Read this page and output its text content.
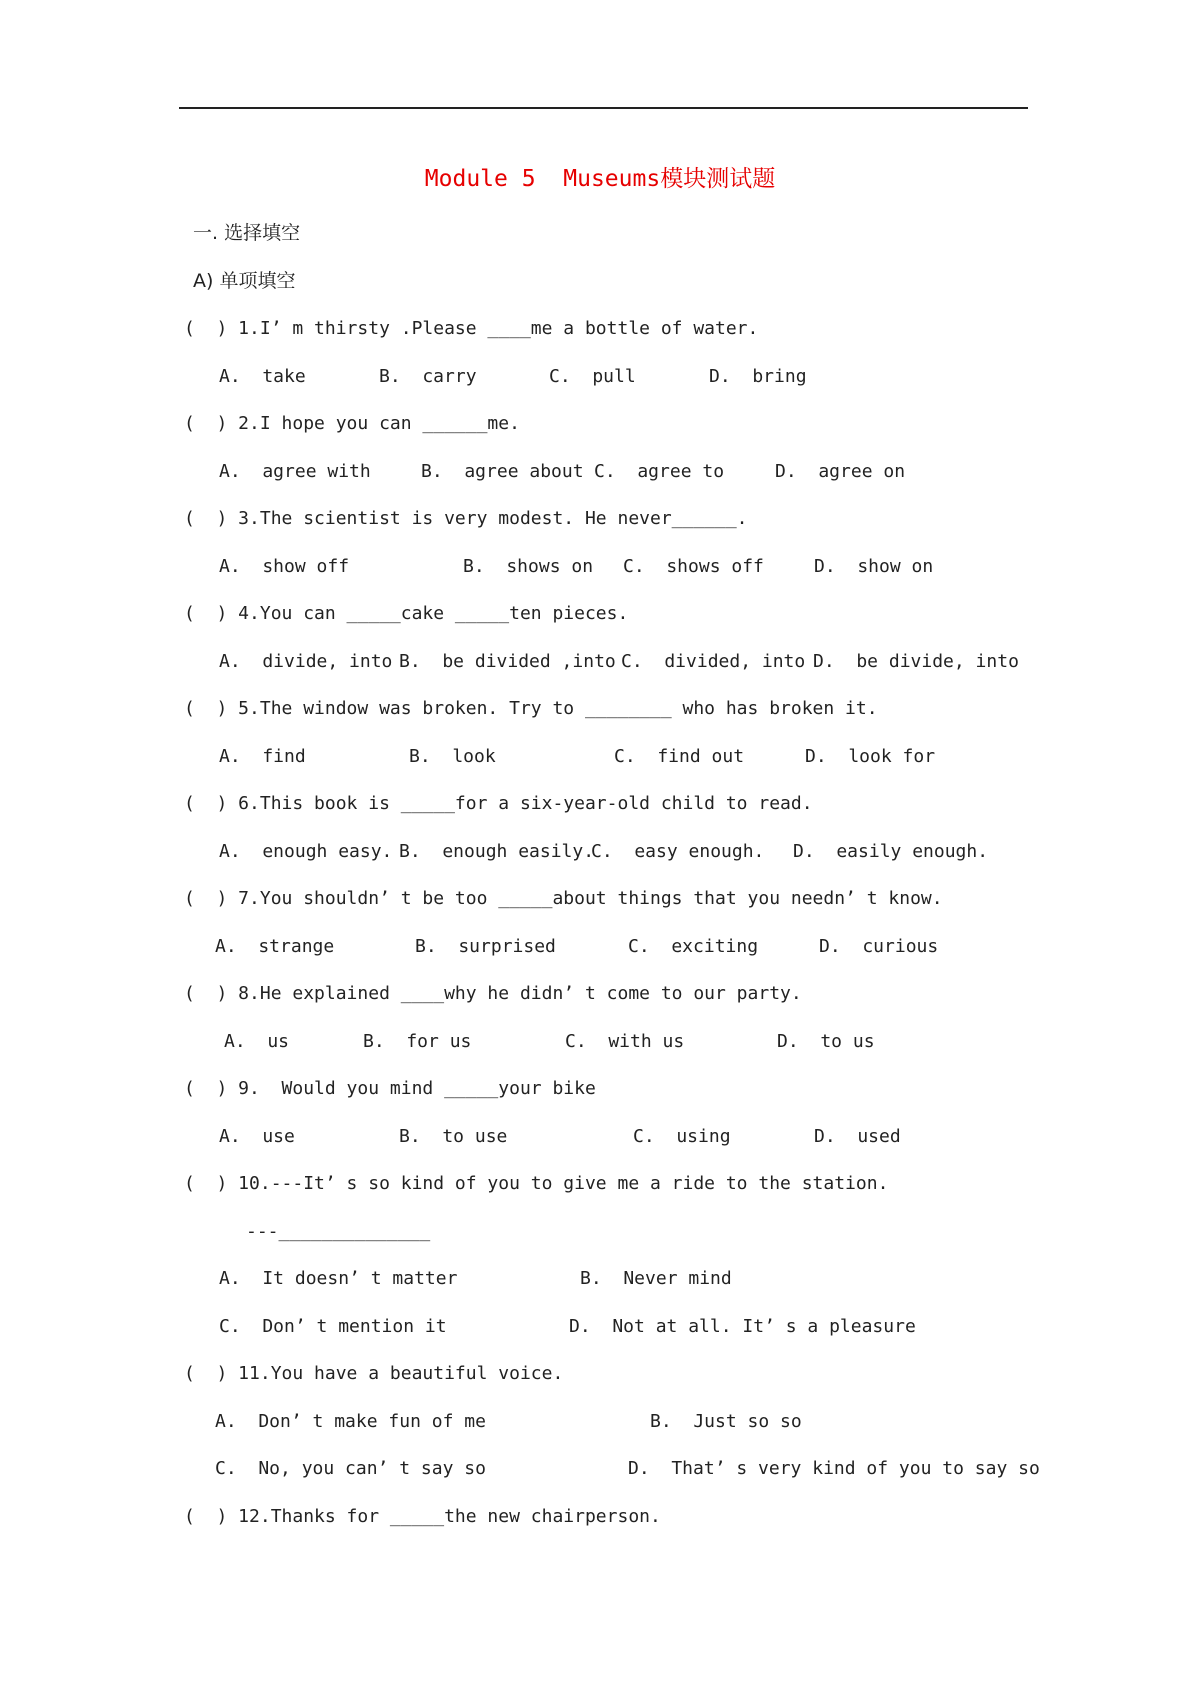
Module 5  Museums模块测试题
一. 选择填空
A) 单项填空
(  ) 1.I’ m thirsty .Please ____me a bottle of water.
A.  take	B.  carry	C.  pull	D.  bring
(  ) 2.I hope you can ______me.
A.  agree with	B.  agree about C.  agree to	D.  agree on
(  ) 3.The scientist is very modest. He never______.
A.  show off	B.  shows on C.  shows off	D.  show on
(  ) 4.You can _____cake _____ten pieces.
A.  divide, into B.  be divided ,into C.  divided, into D.  be divide, into
(  ) 5.The window was broken. Try to ________ who has broken it.
A.  find	B.  look	C.  find out	D.  look for
(  ) 6.This book is _____for a six-year-old child to read.
A.  enough easy. B.  enough easily.
C.  easy enough. D.  easily enough.
(  ) 7.You shouldn’ t be too _____about things that you needn’ t know.
A.  strange	B.  surprised	C.  exciting	D.  curious
(  ) 8.He explained ____why he didn’ t come to our party.
A.  us	B.  for us	C.  with us	D.  to us
(  ) 9.  Would you mind _____your bike
A.  use	B.  to use	C.  using	D.  used
(  ) 10.---It’ s so kind of you to give me a ride to the station.
---______________
A.  It doesn’ t matter	B.  Never mind
C.  Don’ t mention it	D.  Not at all. It’ s a pleasure
(  ) 11.You have a beautiful voice.
A.  Don’ t make fun of me	B.  Just so so
C.  No, you can’ t say so	D.  That’ s very kind of you to say so
(  ) 12.Thanks for _____the new chairperson.
